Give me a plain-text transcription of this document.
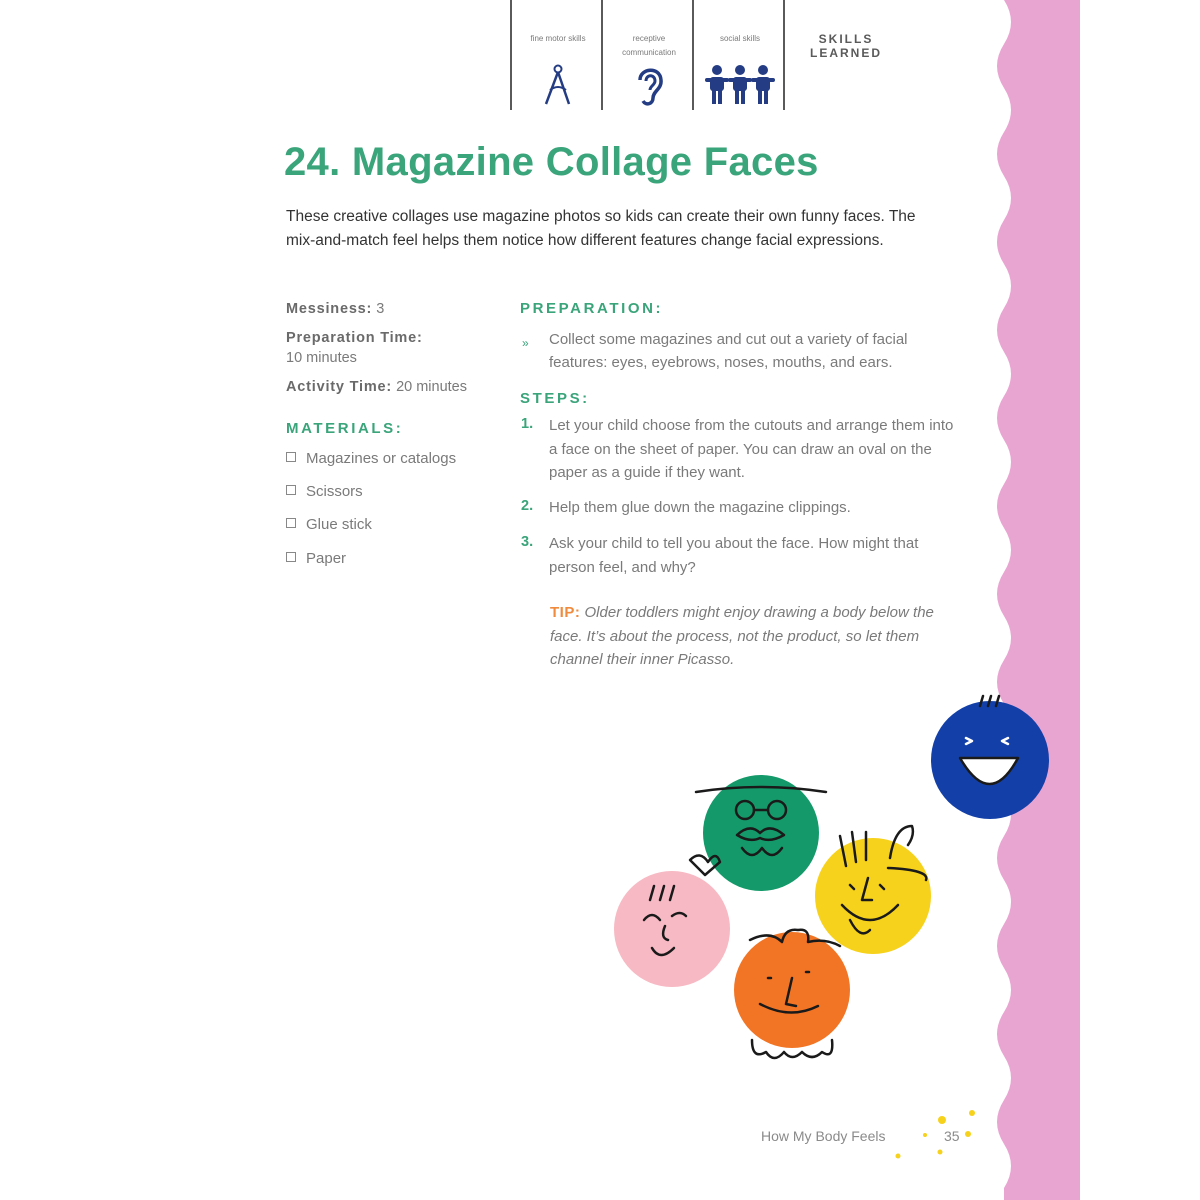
fine motor skills	receptive communication
social skills	SKILLS LEARNED
24. Magazine Collage Faces

These creative collages use magazine photos so kids can create their own funny faces. The mix-and-match feel helps them notice how different features change facial expressions.

Messiness: 3
Preparation Time:
10 minutes
Activity Time: 20 minutes
MATERIALS:
Magazines or catalogs
Scissors
Glue stick
Paper
PREPARATION:
» Collect some magazines and cut out a variety of facial features: eyes, eyebrows, noses, mouths, and ears.

STEPS:
1. Let your child choose from the cutouts and arrange them into a face on the sheet of paper. You can draw an oval on the paper as a guide if they want.

2. Help them glue down the magazine clippings.

3. Ask your child to tell you about the face. How might that person feel, and why?

TIP: Older toddlers might enjoy drawing a body below the face. It’s about the process, not the product, so let them channel their inner Picasso.

How My Body Feels	35
